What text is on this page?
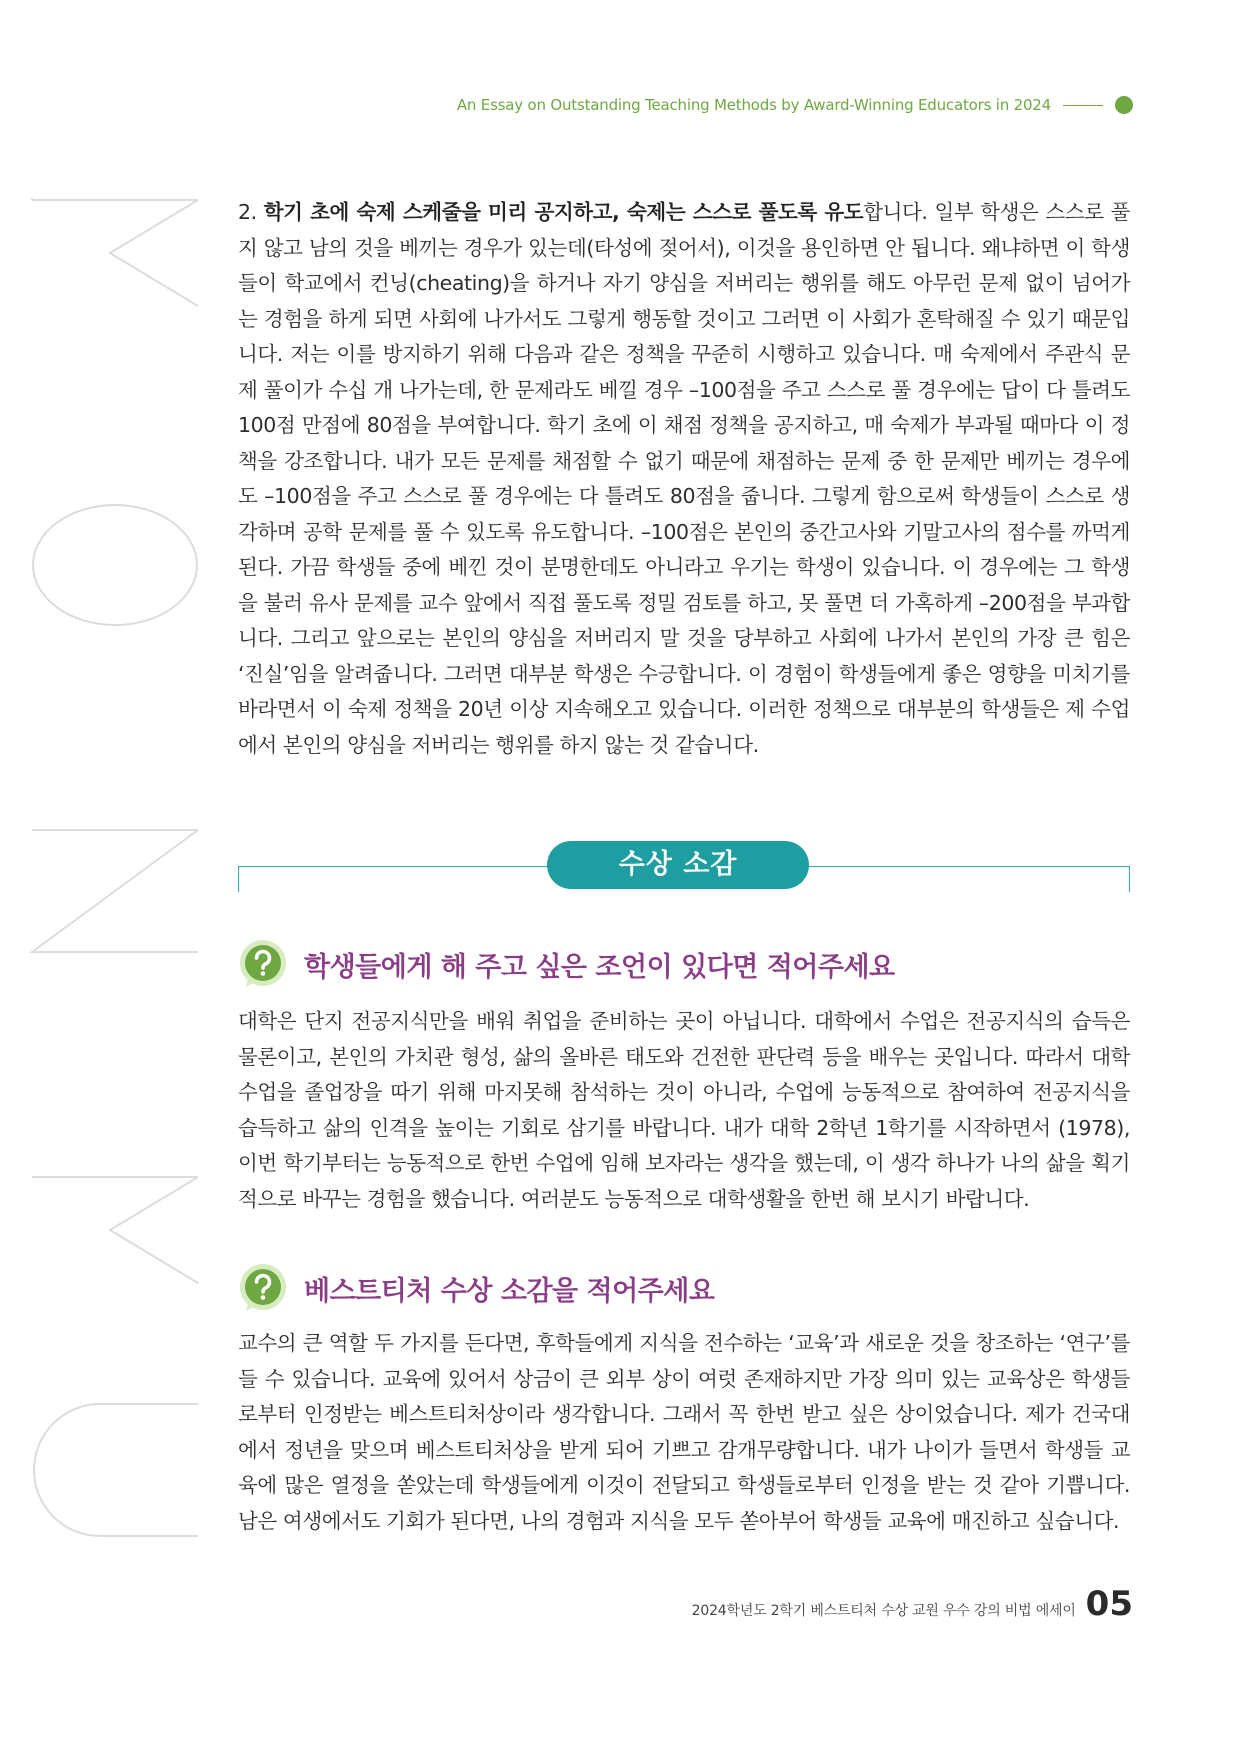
An Essay on Outstanding Teaching Methods by Award-Winning Educators in 2024

2. 학기 초에 숙제 스케줄을 미리 공지하고, 숙제는 스스로 풀도록 유도합니다. 일부 학생은 스스로 풀지 않고 남의 것을 베끼는 경우가 있는데(타성에 젖어서), 이것을 용인하면 안 됩니다. 왜냐하면 이 학생들이 학교에서 컨닝(cheating)을 하거나 자기 양심을 저버리는 행위를 해도 아무런 문제 없이 넘어가는 경험을 하게 되면 사회에 나가서도 그렇게 행동할 것이고 그러면 이 사회가 혼탁해질 수 있기 때문입니다. 저는 이를 방지하기 위해 다음과 같은 정책을 꾸준히 시행하고 있습니다. 매 숙제에서 주관식 문제 풀이가 수십 개 나가는데, 한 문제라도 베낄 경우 –100점을 주고 스스로 풀 경우에는 답이 다 틀려도 100점 만점에 80점을 부여합니다. 학기 초에 이 채점 정책을 공지하고, 매 숙제가 부과될 때마다 이 정책을 강조합니다. 내가 모든 문제를 채점할 수 없기 때문에 채점하는 문제 중 한 문제만 베끼는 경우에도 –100점을 주고 스스로 풀 경우에는 다 틀려도 80점을 줍니다. 그렇게 함으로써 학생들이 스스로 생각하며 공학 문제를 풀 수 있도록 유도합니다. –100점은 본인의 중간고사와 기말고사의 점수를 까먹게 된다. 가끔 학생들 중에 베낀 것이 분명한데도 아니라고 우기는 학생이 있습니다. 이 경우에는 그 학생을 불러 유사 문제를 교수 앞에서 직접 풀도록 정밀 검토를 하고, 못 풀면 더 가혹하게 –200점을 부과합니다. 그리고 앞으로는 본인의 양심을 저버리지 말 것을 당부하고 사회에 나가서 본인의 가장 큰 힘은 ‘진실’임을 알려줍니다. 그러면 대부분 학생은 수긍합니다. 이 경험이 학생들에게 좋은 영향을 미치기를 바라면서 이 숙제 정책을 20년 이상 지속해오고 있습니다. 이러한 정책으로 대부분의 학생들은 제 수업에서 본인의 양심을 저버리는 행위를 하지 않는 것 같습니다.

수상 소감
학생들에게 해 주고 싶은 조언이 있다면 적어주세요

대학은 단지 전공지식만을 배워 취업을 준비하는 곳이 아닙니다. 대학에서 수업은 전공지식의 습득은 물론이고, 본인의 가치관 형성, 삶의 올바른 태도와 건전한 판단력 등을 배우는 곳입니다. 따라서 대학수업을 졸업장을 따기 위해 마지못해 참석하는 것이 아니라, 수업에 능동적으로 참여하여 전공지식을 습득하고 삶의 인격을 높이는 기회로 삼기를 바랍니다. 내가 대학 2학년 1학기를 시작하면서 (1978), 이번 학기부터는 능동적으로 한번 수업에 임해 보자라는 생각을 했는데, 이 생각 하나가 나의 삶을 획기적으로 바꾸는 경험을 했습니다. 여러분도 능동적으로 대학생활을 한번 해 보시기 바랍니다.

베스트티처 수상 소감을 적어주세요

교수의 큰 역할 두 가지를 든다면, 후학들에게 지식을 전수하는 ‘교육’과 새로운 것을 창조하는 ‘연구’를 들 수 있습니다. 교육에 있어서 상금이 큰 외부 상이 여럿 존재하지만 가장 의미 있는 교육상은 학생들로부터 인정받는 베스트티처상이라 생각합니다. 그래서 꼭 한번 받고 싶은 상이었습니다. 제가 건국대에서 정년을 맞으며 베스트티처상을 받게 되어 기쁘고 감개무량합니다. 내가 나이가 들면서 학생들 교육에 많은 열정을 쏟았는데 학생들에게 이것이 전달되고 학생들로부터 인정을 받는 것 같아 기쁩니다. 남은 여생에서도 기회가 된다면, 나의 경험과 지식을 모두 쏟아부어 학생들 교육에 매진하고 싶습니다.

2024학년도 2학기 베스트티처 수상 교원 우수 강의 비법 에세이 05
